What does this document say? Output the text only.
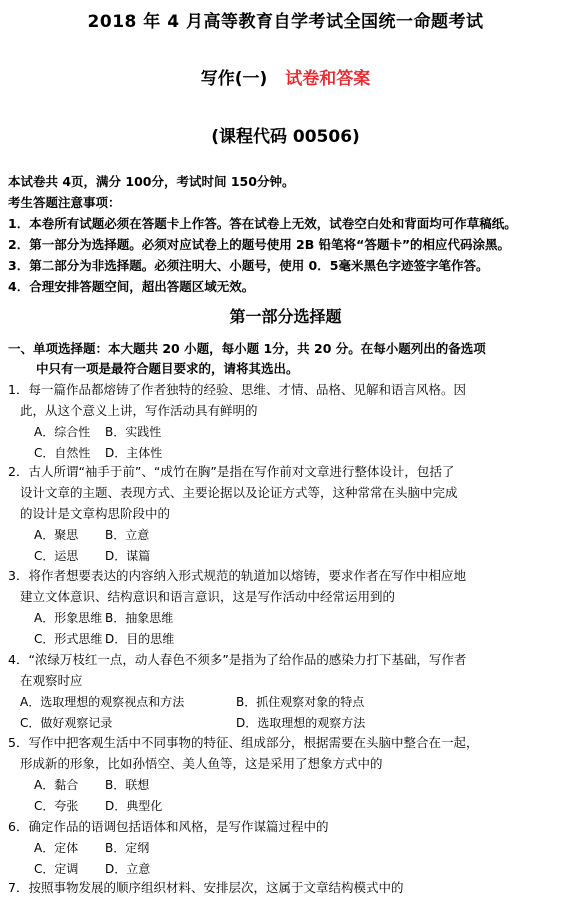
2018 年 4 月高等教育自学考试全国统一命题考试
写作(一) 试卷和答案
(课程代码 00506)
本试卷共 4页，满分 100分，考试时间 150分钟。
考生答题注意事项：
1．本卷所有试题必须在答题卡上作答。答在试卷上无效，试卷空白处和背面均可作草稿纸。
2．第一部分为选择题。必须对应试卷上的题号使用 2B 铅笔将“答题卡”的相应代码涂黑。
3．第二部分为非选择题。必须注明大、小题号，使用 0．5毫米黑色字迹签字笔作答。
4．合理安排答题空间，超出答题区域无效。
第一部分选择题
一、单项选择题：本大题共 20 小题，每小题 1分，共 20 分。在每小题列出的备选项
中只有一项是最符合题目要求的，请将其选出。
1．每一篇作品都熔铸了作者独特的经验、思维、才情、品格、见解和语言风格。因
此，从这个意义上讲，写作活动具有鲜明的
A．综合性 B．实践性
C．自然性 D．主体性
2．古人所谓“袖手于前”、“成竹在胸”是指在写作前对文章进行整体设计，包括了
设计文章的主题、表现方式、主要论据以及论证方式等，这种常常在头脑中完成
的设计是文章构思阶段中的
A．聚思 B．立意
C．运思 D．谋篇
3．将作者想要表达的内容纳入形式规范的轨道加以熔铸，要求作者在写作中相应地
建立文体意识、结构意识和语言意识，这是写作活动中经常运用到的
A．形象思维 B．抽象思维
C．形式思维 D．目的思维
4．“浓绿万枝红一点，动人春色不须多”是指为了给作品的感染力打下基础，写作者
在观察时应
A．选取理想的观察视点和方法	B．抓住观察对象的特点
C．做好观察记录	D．选取理想的观察方法
5．写作中把客观生活中不同事物的特征、组成部分，根据需要在头脑中整合在一起，
形成新的形象，比如孙悟空、美人鱼等，这是采用了想象方式中的
A．黏合 B．联想
C．夸张 D．典型化
6．确定作品的语调包括语体和风格，是写作谋篇过程中的
A．定体 B．定纲
C．定调 D．立意
7．按照事物发展的顺序组织材料、安排层次，这属于文章结构模式中的
